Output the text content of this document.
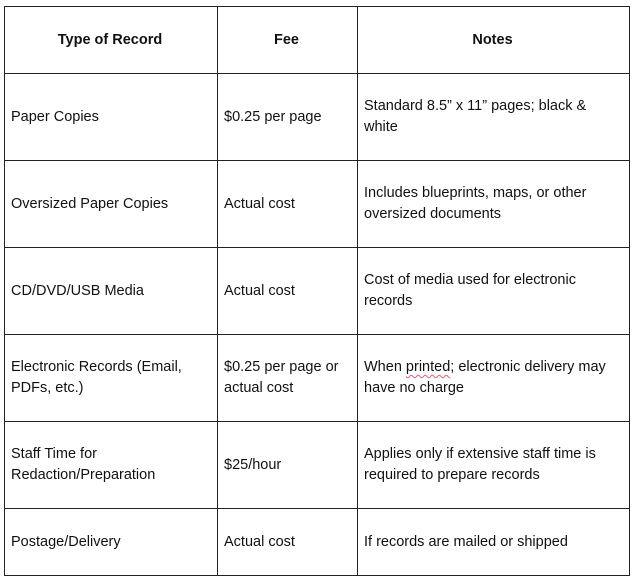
Type of Record	Fee	Notes

Paper Copies	$0.25 per page	Standard 8.5” x 11” pages; black & white

Oversized Paper Copies	Actual cost	Includes blueprints, maps, or other oversized documents

CD/DVD/USB Media	Actual cost	Cost of media used for electronic records

Electronic Records (Email, PDFs, etc.)	$0.25 per page or actual cost	When printed; electronic delivery may have no charge

Staff Time for Redaction/Preparation	$25/hour	Applies only if extensive staff time is required to prepare records

Postage/Delivery	Actual cost	If records are mailed or shipped
